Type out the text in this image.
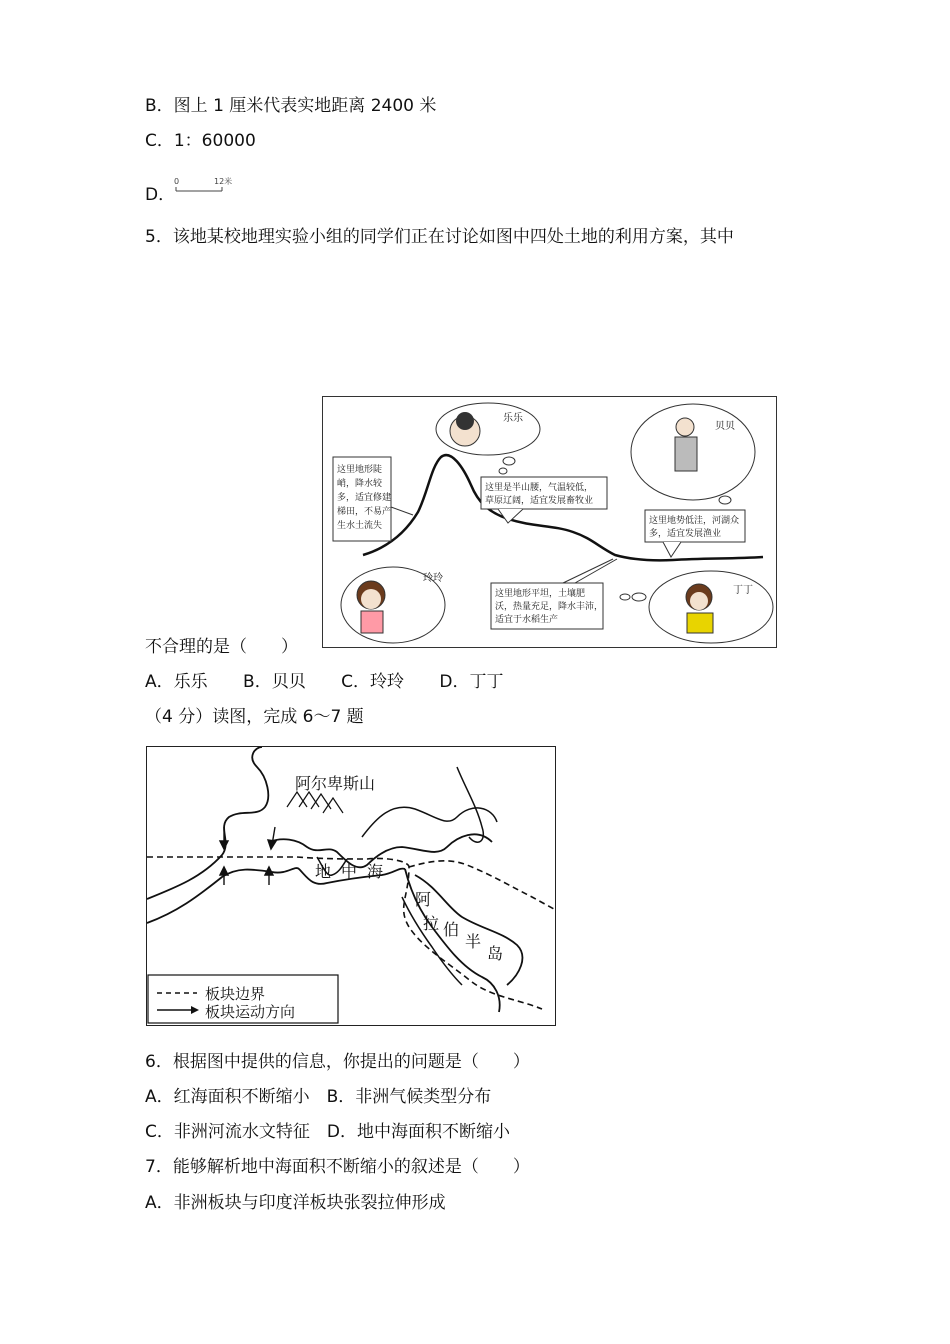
B．图上 1 厘米代表实地距离 2400 米
C．1：60000
D．
0	12米
5．该地某校地理实验小组的同学们正在讨论如图中四处土地的利用方案，其中
这里地形陡
峭，降水较
多，适宜修建
梯田，不易产
生水土流失
乐乐
这里是半山腰，气温较低，
草原辽阔，适宜发展畜牧业
贝贝
这里地势低洼，河湖众
多，适宜发展渔业
玲玲
这里地形平坦，土壤肥
沃，热量充足，降水丰沛，
适宜于水稻生产
丁丁
不合理的是（　　）
A．乐乐 B．贝贝 C．玲玲 D．丁丁
（4 分）读图，完成 6～7 题
阿尔卑斯山
地 中 海
阿
拉 伯
半
岛
板块边界
板块运动方向
6．根据图中提供的信息，你提出的问题是（　　）
A．红海面积不断缩小　B．非洲气候类型分布
C．非洲河流水文特征　D．地中海面积不断缩小
7．能够解析地中海面积不断缩小的叙述是（　　）
A．非洲板块与印度洋板块张裂拉伸形成
